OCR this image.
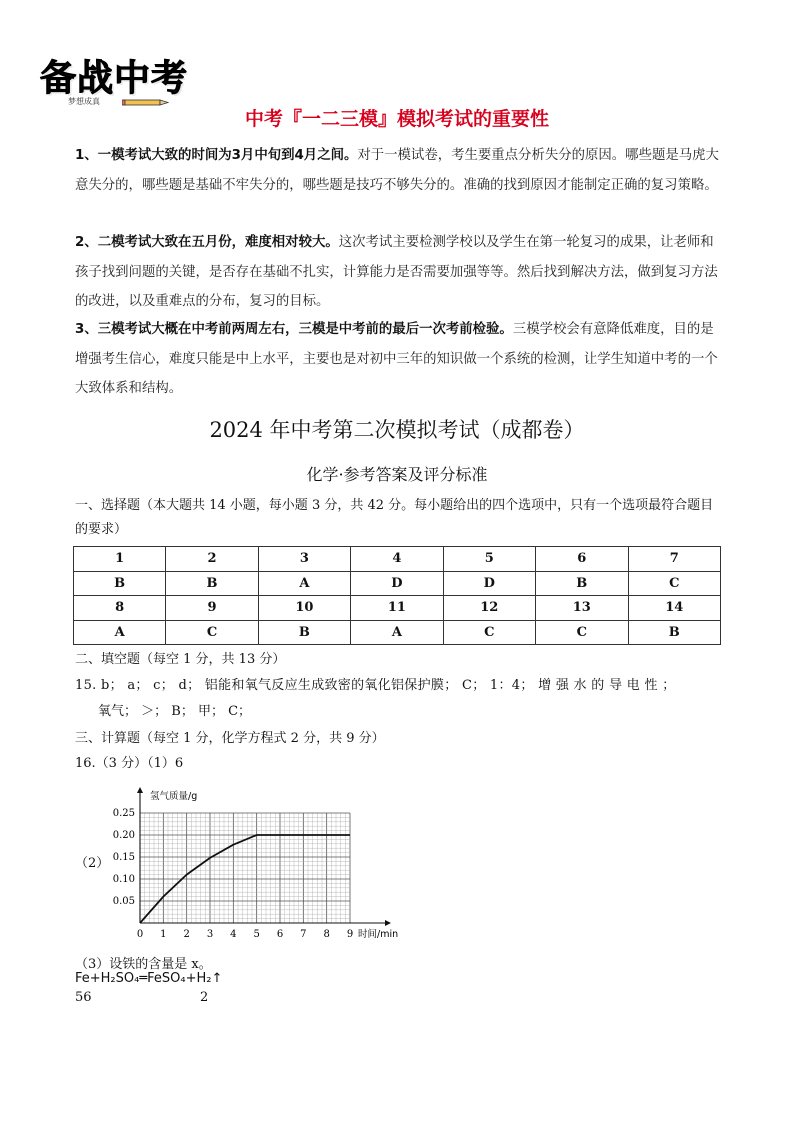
备战中考
梦想成真
中考『一二三模』模拟考试的重要性
1、一模考试大致的时间为3月中旬到4月之间。对于一模试卷，考生要重点分析失分的原因。哪些题是马虎大意失分的，哪些题是基础不牢失分的，哪些题是技巧不够失分的。准确的找到原因才能制定正确的复习策略。
2、二模考试大致在五月份，难度相对较大。这次考试主要检测学校以及学生在第一轮复习的成果，让老师和孩子找到问题的关键，是否存在基础不扎实，计算能力是否需要加强等等。然后找到解决方法，做到复习方法的改进，以及重难点的分布，复习的目标。
3、三模考试大概在中考前两周左右，三模是中考前的最后一次考前检验。三模学校会有意降低难度，目的是增强考生信心，难度只能是中上水平，主要也是对初中三年的知识做一个系统的检测，让学生知道中考的一个大致体系和结构。
2024 年中考第二次模拟考试（成都卷）
化学·参考答案及评分标准
一、选择题（本大题共 14 小题，每小题 3 分，共 42 分。每小题给出的四个选项中，只有一个选项最符合题目的要求）
1	2	3	4	5	6	7
B	B	A	D	D	B	C
8	9	10	11	12	13	14
A	C	B	A	C	C	B
二、填空题（每空 1 分，共 13 分）
15. b； a； c； d； 铝能和氧气反应生成致密的氧化铝保护膜； C； 1：4； 增 强 水 的 导 电 性 ；
氧气； ＞； B； 甲； C；
三、计算题（每空 1 分，化学方程式 2 分，共 9 分）
16.（3 分）（1）6
（2）
0 1 2 3 4 5 6 7 8 9
0.05
0.10
0.15
0.20
0.25
氢气质量/g
时间/min
（3）设铁的含量是 x。
Fe+H₂SO₄═FeSO₄+H₂↑
56	2
